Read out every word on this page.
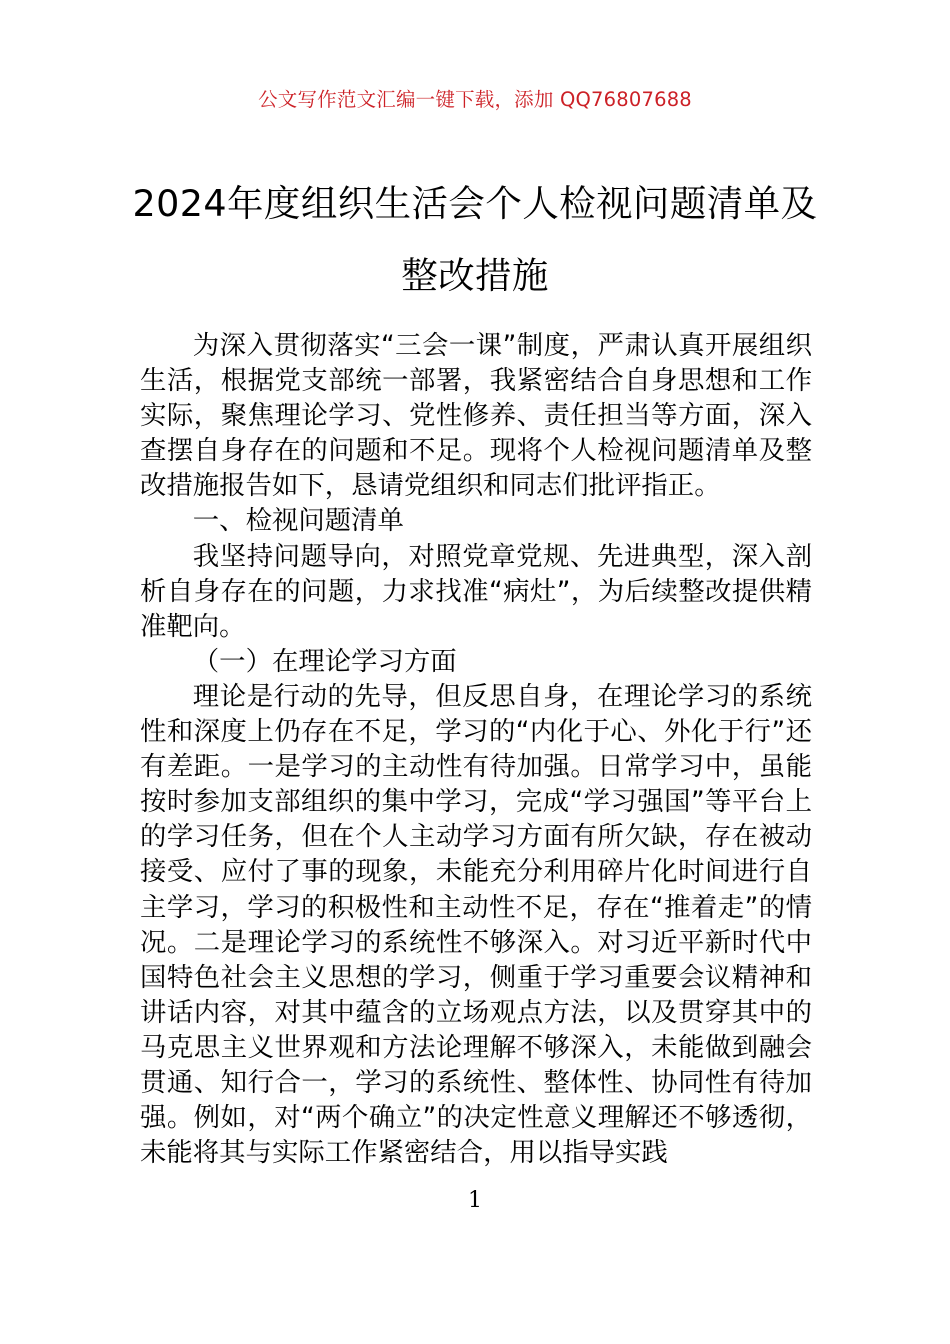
公文写作范文汇编一键下载，添加 QQ76807688
2024年度组织生活会个人检视问题清单及
整改措施

为深入贯彻落实“三会一课”制度，严肃认真开展组织生活，根据党支部统一部署，我紧密结合自身思想和工作实际，聚焦理论学习、党性修养、责任担当等方面，深入查摆自身存在的问题和不足。现将个人检视问题清单及整改措施报告如下，恳请党组织和同志们批评指正。

一、检视问题清单

我坚持问题导向，对照党章党规、先进典型，深入剖析自身存在的问题，力求找准“病灶”，为后续整改提供精准靶向。

（一）在理论学习方面

理论是行动的先导，但反思自身，在理论学习的系统性和深度上仍存在不足，学习的“内化于心、外化于行”还有差距。一是学习的主动性有待加强。日常学习中，虽能按时参加支部组织的集中学习，完成“学习强国”等平台上的学习任务，但在个人主动学习方面有所欠缺，存在被动接受、应付了事的现象，未能充分利用碎片化时间进行自主学习，学习的积极性和主动性不足，存在“推着走”的情况。二是理论学习的系统性不够深入。对习近平新时代中国特色社会主义思想的学习，侧重于学习重要会议精神和讲话内容，对其中蕴含的立场观点方法，以及贯穿其中的马克思主义世界观和方法论理解不够深入，未能做到融会贯通、知行合一，学习的系统性、整体性、协同性有待加强。例如，对“两个确立”的决定性意义理解还不够透彻，未能将其与实际工作紧密结合，用以指导实践

1
